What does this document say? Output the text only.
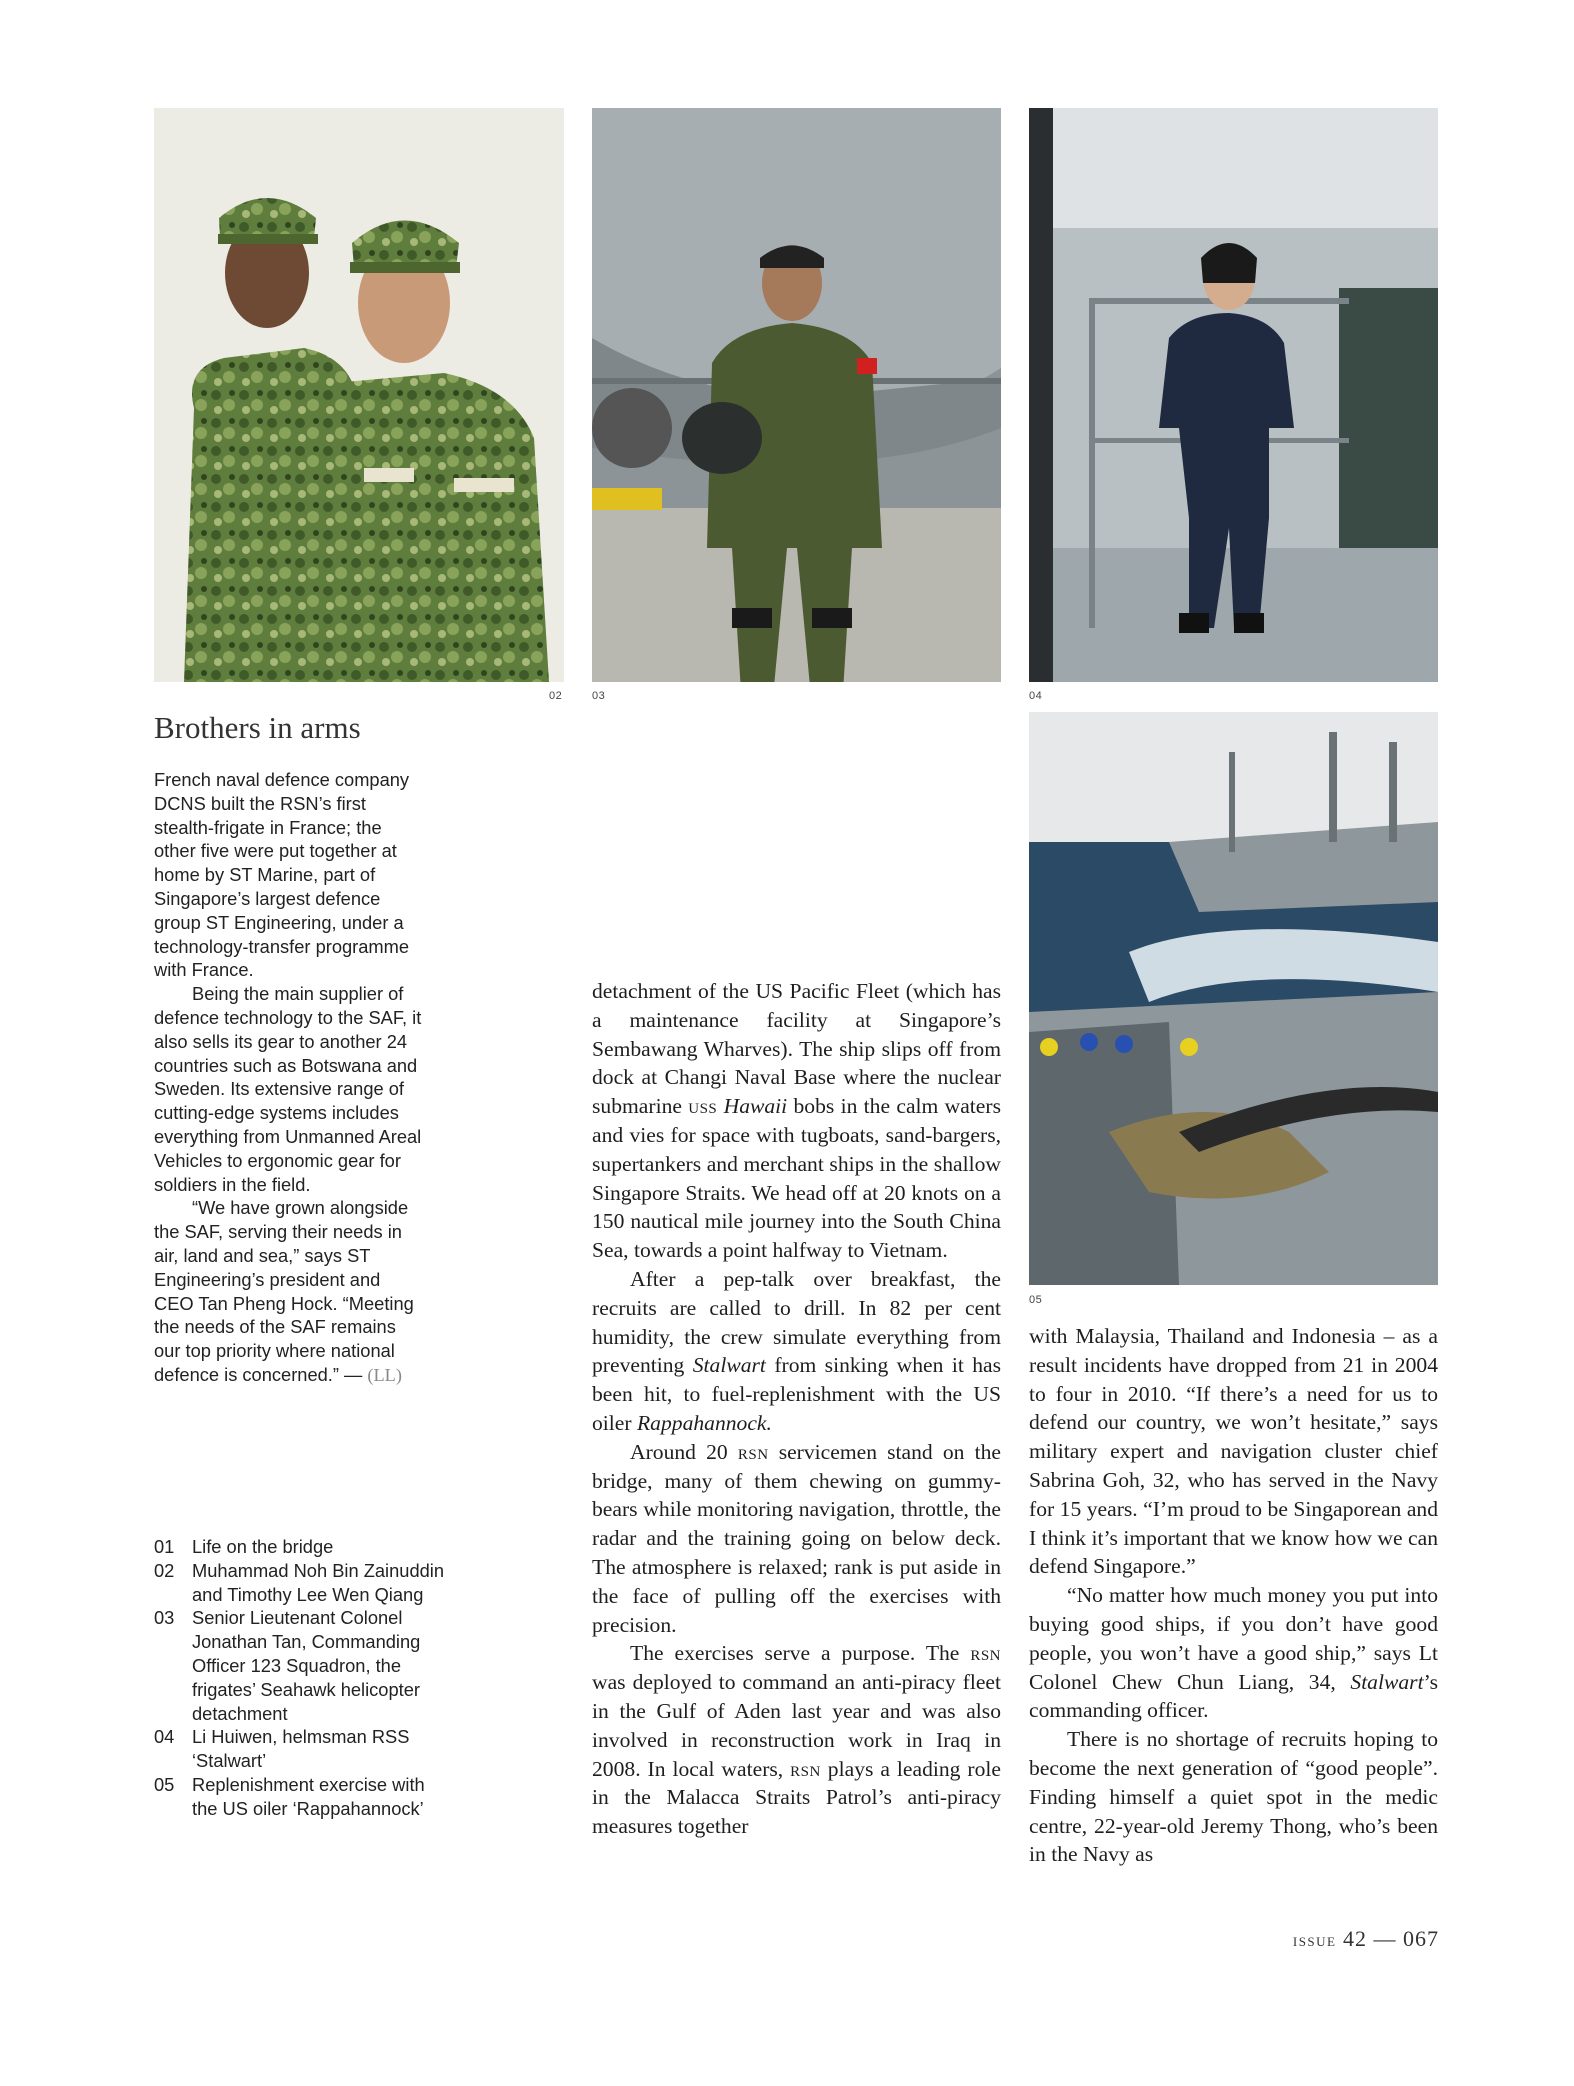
02	03	04
05
Brothers in arms

French naval defence company DCNS built the RSN’s first stealth-frigate in France; the other five were put together at home by ST Marine, part of Singapore’s largest defence group ST Engineering, under a technology-transfer programme with France.

Being the main supplier of defence technology to the SAF, it also sells its gear to another 24 countries such as Botswana and Sweden. Its extensive range of cutting-edge systems includes everything from Unmanned Areal Vehicles to ergonomic gear for soldiers in the field.

“We have grown alongside the SAF, serving their needs in air, land and sea,” says ST Engineering’s president and CEO Tan Pheng Hock. “Meeting the needs of the SAF remains our top priority where national defence is concerned.” — (LL)

01 Life on the bridge
02 Muhammad Noh Bin Zainuddin and Timothy Lee Wen Qiang
03 Senior Lieutenant Colonel Jonathan Tan, Commanding Officer 123 Squadron, the frigates’ Seahawk helicopter detachment
04 Li Huiwen, helmsman RSS ‘Stalwart’
05 Replenishment exercise with the US oiler ‘Rappahannock’

detachment of the US Pacific Fleet (which has a maintenance facility at Singapore’s Sembawang Wharves). The ship slips off from dock at Changi Naval Base where the nuclear submarine uss Hawaii bobs in the calm waters and vies for space with tugboats, sand-bargers, supertankers and merchant ships in the shallow Singapore Straits. We head off at 20 knots on a 150 nautical mile journey into the South China Sea, towards a point halfway to Vietnam.

After a pep-talk over breakfast, the recruits are called to drill. In 82 per cent humidity, the crew simulate everything from preventing Stalwart from sinking when it has been hit, to fuel-replenishment with the US oiler Rappahannock.

Around 20 rsn servicemen stand on the bridge, many of them chewing on gummy-bears while monitoring navigation, throttle, the radar and the training going on below deck. The atmosphere is relaxed; rank is put aside in the face of pulling off the exercises with precision.

The exercises serve a purpose. The rsn was deployed to command an anti-piracy fleet in the Gulf of Aden last year and was also involved in reconstruction work in Iraq in 2008. In local waters, rsn plays a leading role in the Malacca Straits Patrol’s anti-piracy measures together

with Malaysia, Thailand and Indonesia – as a result incidents have dropped from 21 in 2004 to four in 2010. “If there’s a need for us to defend our country, we won’t hesitate,” says military expert and navigation cluster chief Sabrina Goh, 32, who has served in the Navy for 15 years. “I’m proud to be Singaporean and I think it’s important that we know how we can defend Singapore.”

“No matter how much money you put into buying good ships, if you don’t have good people, you won’t have a good ship,” says Lt Colonel Chew Chun Liang, 34, Stalwart’s commanding officer.

There is no shortage of recruits hoping to become the next generation of “good people”. Finding himself a quiet spot in the medic centre, 22-year-old Jeremy Thong, who’s been in the Navy as

issue 42 — 067
